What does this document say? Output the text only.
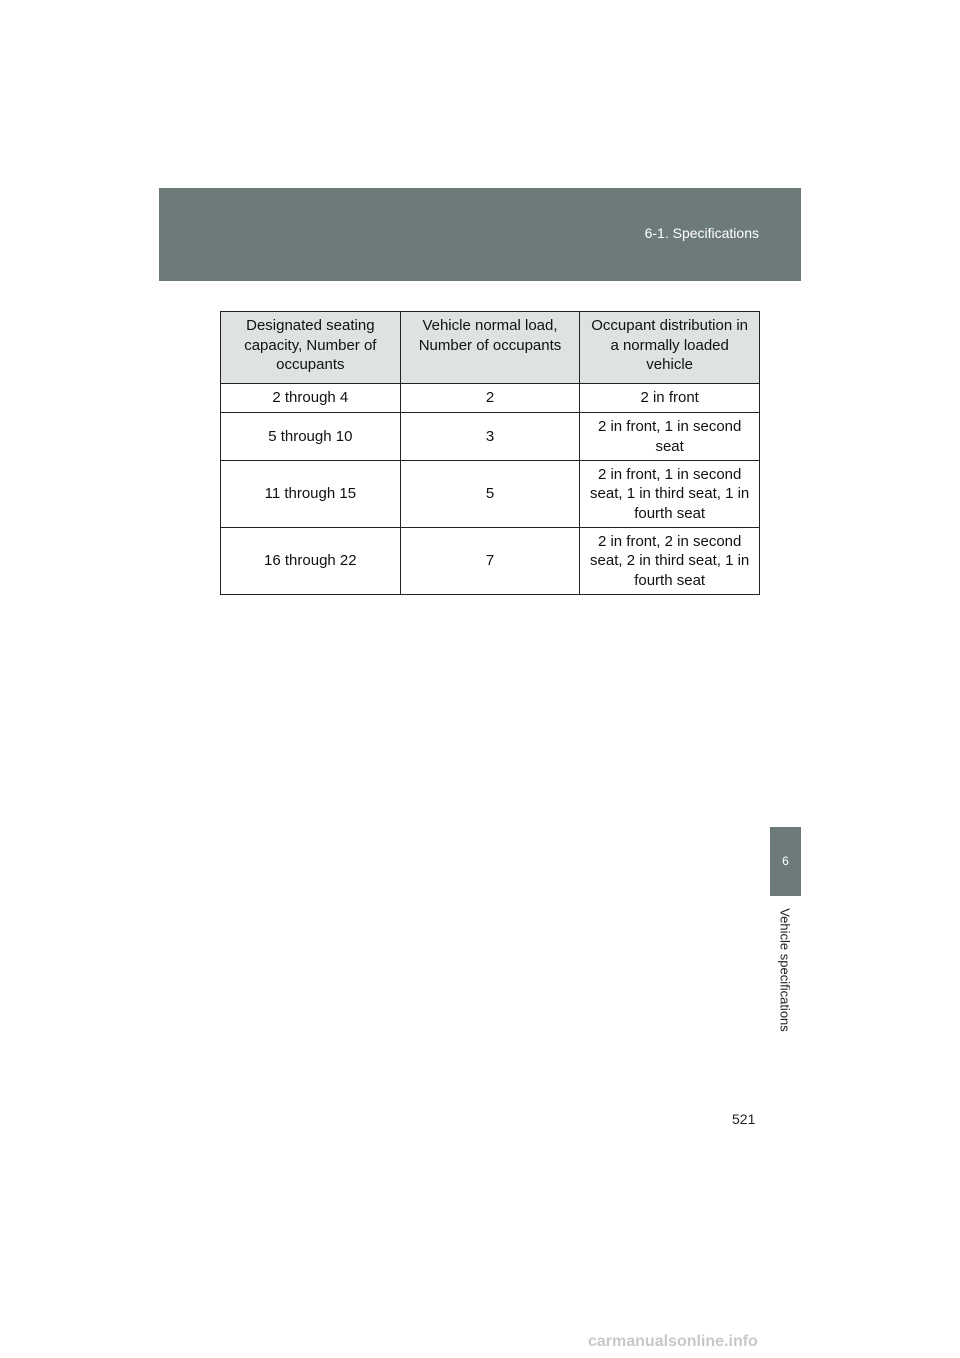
6-1. Specifications
Designated seating capacity, Number of occupants	Vehicle normal load, Number of occupants	Occupant distribution in a normally loaded vehicle
2 through 4	2	2 in front
5 through 10	3	2 in front, 1 in second seat
11 through 15	5	2 in front, 1 in second seat, 1 in third seat, 1 in fourth seat
16 through 22	7	2 in front, 2 in second seat, 2 in third seat, 1 in fourth seat
6
Vehicle specifications
521
carmanualsonline.info
